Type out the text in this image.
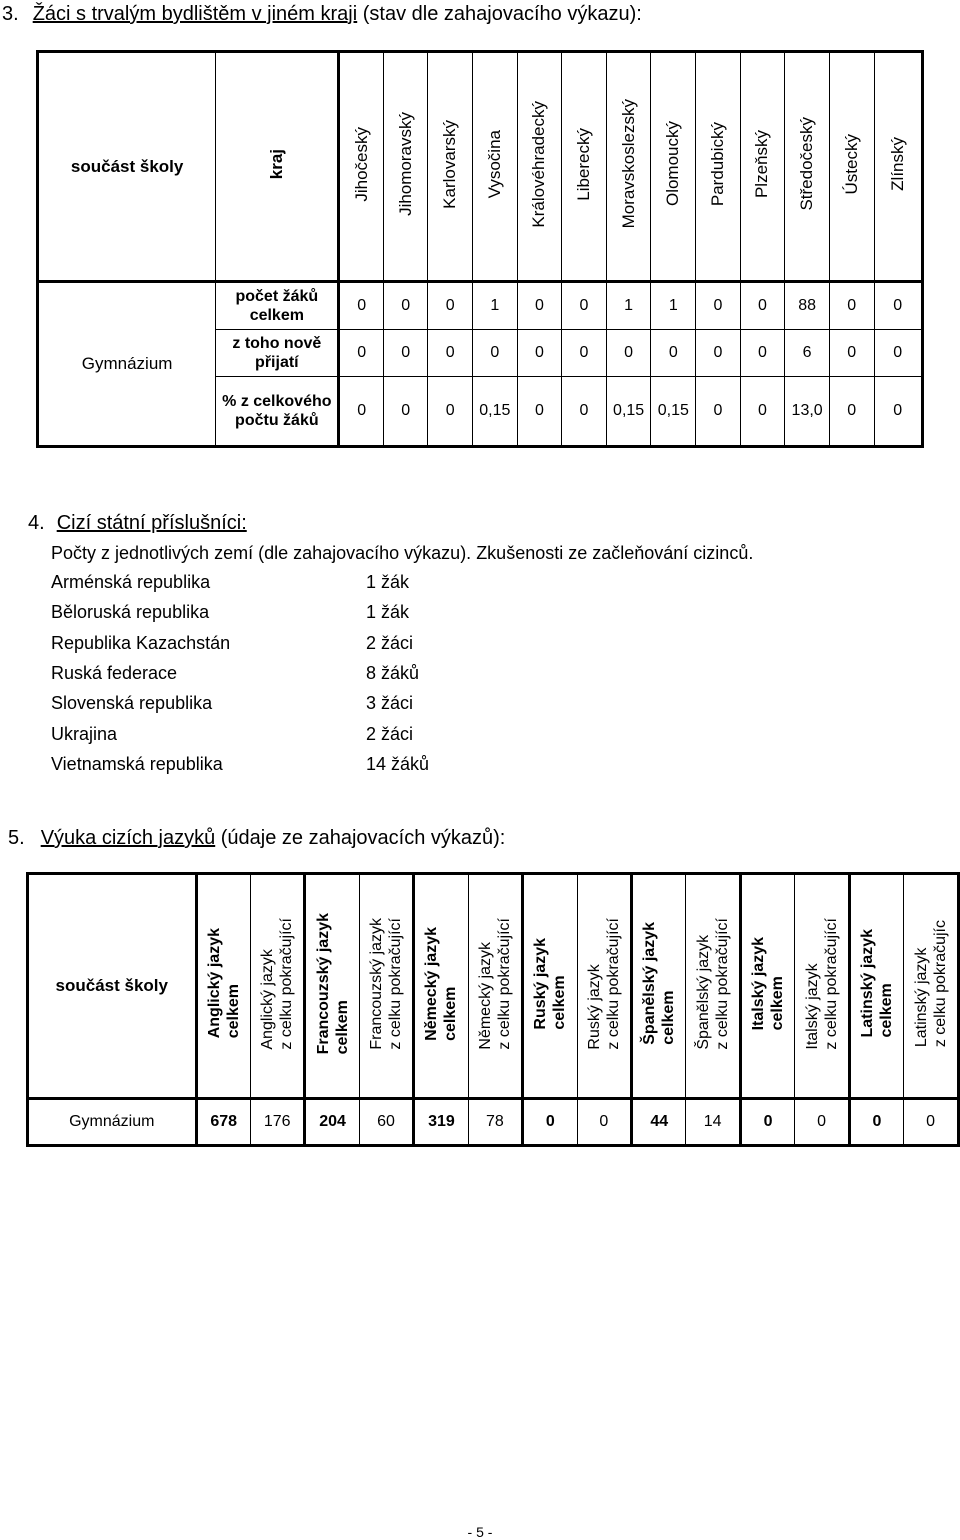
3. Žáci s trvalým bydlištěm v jiném kraji (stav dle zahajovacího výkazu):
součást školy	kraj	Jihočeský	Jihomoravský	Karlovarský	Vysočina	Královéhradecký	Liberecký	Moravskoslezský	Olomoucký	Pardubický	Plzeňský	Středočeský	Ústecký	Zlínský
Gymnázium	počet žáků celkem	0	0	0	1	0	0	1	1	0	0	88	0	0
	z toho nově přijatí	0	0	0	0	0	0	0	0	0	0	6	0	0
	% z celkového počtu žáků	0	0	0	0,15	0	0	0,15	0,15	0	0	13,0	0	0
4. Cizí státní příslušníci:
Počty z jednotlivých zemí (dle zahajovacího výkazu). Zkušenosti ze začleňování cizinců.
Arménská republika	1 žák
Běloruská republika	1 žák
Republika Kazachstán	2 žáci
Ruská federace	8 žáků
Slovenská republika	3 žáci
Ukrajina	2 žáci
Vietnamská republika	14 žáků
5. Výuka cizích jazyků (údaje ze zahajovacích výkazů):
součást školy	Anglický jazyk celkem	Anglický jazyk z celku pokračující	Francouzský jazyk celkem	Francouzský jazyk z celku pokračující	Německý jazyk celkem	Německý jazyk z celku pokračující	Ruský jazyk celkem	Ruský jazyk z celku pokračující	Španělský jazyk celkem	Španělský jazyk z celku pokračující	Italský jazyk celkem	Italský jazyk z celku pokračující	Latinský jazyk celkem	Latinský jazyk z celku pokračujíc
Gymnázium	678	176	204	60	319	78	0	0	44	14	0	0	0	0
- 5 -
